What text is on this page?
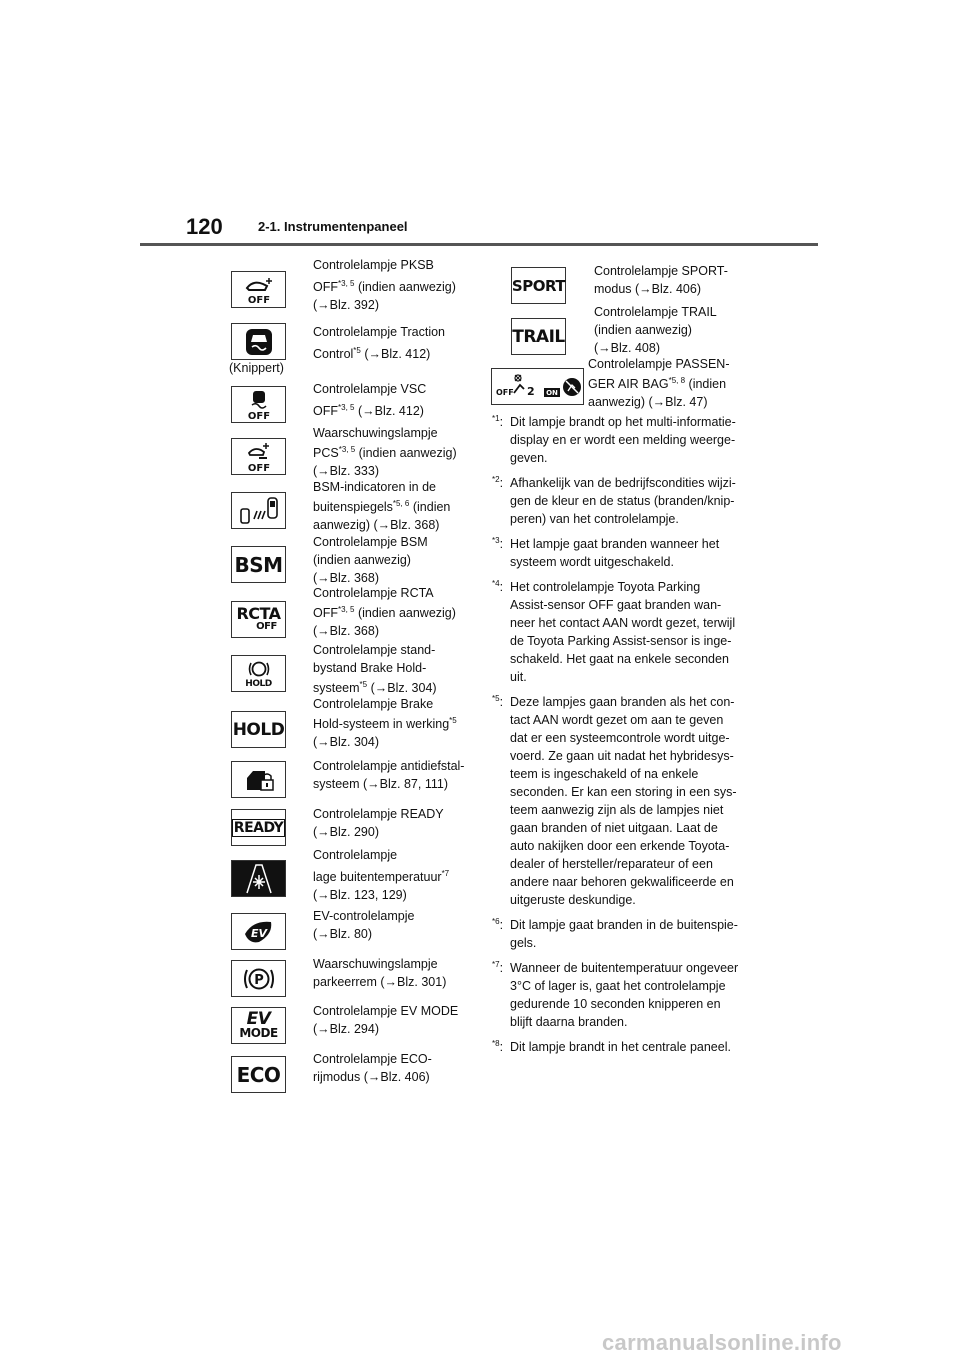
120	2-1. Instrumentenpaneel
OFF
Controlelampje PKSB
OFF$^{*3, 5}$ (indien aanwezig)
(→Blz. 392)
(Knippert)
Controlelampje Traction
Control$^{*5}$ (→Blz. 412)
OFF
Controlelampje VSC
OFF$^{*3, 5}$ (→Blz. 412)
OFF
Waarschuwingslampje
PCS$^{*3, 5}$ (indien aanwezig)
(→Blz. 333)
BSM-indicatoren in de
buitenspiegels$^{*5, 6}$ (indien
aanwezig) (→Blz. 368)
BSM
Controlelampje BSM
(indien aanwezig)
(→Blz. 368)
RCTA
OFF
Controlelampje RCTA
OFF$^{*3, 5}$ (indien aanwezig)
(→Blz. 368)
HOLD
Controlelampje stand-
bystand Brake Hold-
systeem$^{*5}$ (→Blz. 304)
HOLD
Controlelampje Brake
Hold-systeem in werking$^{*5}$
(→Blz. 304)
Controlelampje antidiefstal-
systeem (→Blz. 87, 111)
READY
Controlelampje READY
(→Blz. 290)
Controlelampje
lage buitentemperatuur$^{*7}$
(→Blz. 123, 129)
EV
EV-controlelampje
(→Blz. 80)
P
Waarschuwingslampje
parkeerrem (→Blz. 301)
EV
MODE
Controlelampje EV MODE
(→Blz. 294)
ECO
Controlelampje ECO-
rijmodus (→Blz. 406)
SPORT
Controlelampje SPORT-
modus (→Blz. 406)
TRAIL
Controlelampje TRAIL
(indien aanwezig)
(→Blz. 408)
OFF 2 ON
Controlelampje PASSEN-
GER AIR BAG$^{*5, 8}$ (indien
aanwezig) (→Blz. 47)
$^{*1}$: Dit lampje brandt op het multi-informatie-
display en er wordt een melding weerge-
geven.
$^{*2}$: Afhankelijk van de bedrijfscondities wijzi-
gen de kleur en de status (branden/knip-
peren) van het controlelampje.
$^{*3}$: Het lampje gaat branden wanneer het
systeem wordt uitgeschakeld.
$^{*4}$: Het controlelampje Toyota Parking
Assist-sensor OFF gaat branden wan-
neer het contact AAN wordt gezet, terwijl
de Toyota Parking Assist-sensor is inge-
schakeld. Het gaat na enkele seconden
uit.
$^{*5}$: Deze lampjes gaan branden als het con-
tact AAN wordt gezet om aan te geven
dat er een systeemcontrole wordt uitge-
voerd. Ze gaan uit nadat het hybridesys-
teem is ingeschakeld of na enkele
seconden. Er kan een storing in een sys-
teem aanwezig zijn als de lampjes niet
gaan branden of niet uitgaan. Laat de
auto nakijken door een erkende Toyota-
dealer of hersteller/reparateur of een
andere naar behoren gekwalificeerde en
uitgeruste deskundige.
$^{*6}$: Dit lampje gaat branden in de buitenspie-
gels.
$^{*7}$: Wanneer de buitentemperatuur ongeveer
3°C of lager is, gaat het controlelampje
gedurende 10 seconden knipperen en
blijft daarna branden.
$^{*8}$: Dit lampje brandt in het centrale paneel.
carmanualsonline.info
